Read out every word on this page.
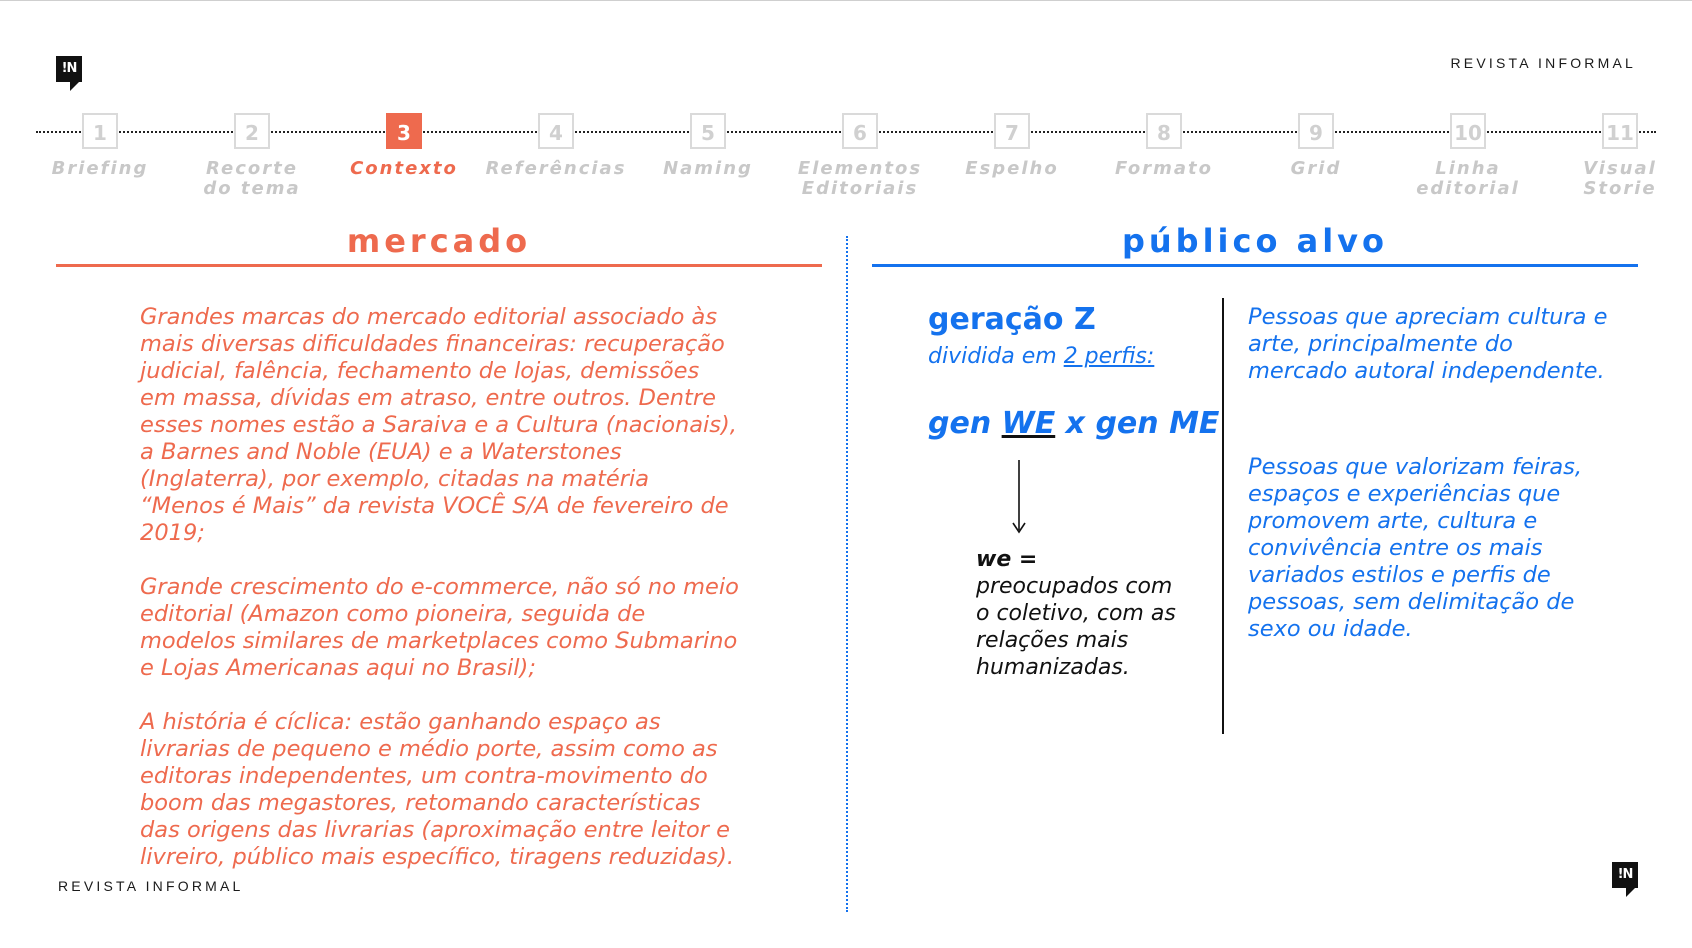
!N	REVISTA INFORMAL
1
Briefing
2
Recorte
do tema
3
Contexto
4
Referências
5
Naming
6
Elementos
Editoriais
7
Espelho
8
Formato
9
Grid
10
Linha
editorial
11
Visual
Storie
mercado	público alvo

Grandes marcas do mercado editorial associado às mais diversas dificuldades financeiras: recuperação judicial, falência, fechamento de lojas, demissões em massa, dívidas em atraso, entre outros. Dentre esses nomes estão a Saraiva e a Cultura (nacionais), a Barnes and Noble (EUA) e a Waterstones (Inglaterra), por exemplo, citadas na matéria “Menos é Mais” da revista VOCÊ S/A de fevereiro de 2019;

Grande crescimento do e-commerce, não só no meio editorial (Amazon como pioneira, seguida de modelos similares de marketplaces como Submarino e Lojas Americanas aqui no Brasil);

A história é cíclica: estão ganhando espaço as livrarias de pequeno e médio porte, assim como as editoras independentes, um contra-movimento do boom das megastores, retomando características das origens das livrarias (aproximação entre leitor e livreiro, público mais específico, tiragens reduzidas).

geração Z
dividida em 2 perfis:
gen WE x gen ME
we =
preocupados com o coletivo, com as relações mais humanizadas.
Pessoas que apreciam cultura e arte, principalmente do mercado autoral independente.
Pessoas que valorizam feiras, espaços e experiências que promovem arte, cultura e convivência entre os mais variados estilos e perfis de pessoas, sem delimitação de sexo ou idade.
REVISTA INFORMAL
!N
